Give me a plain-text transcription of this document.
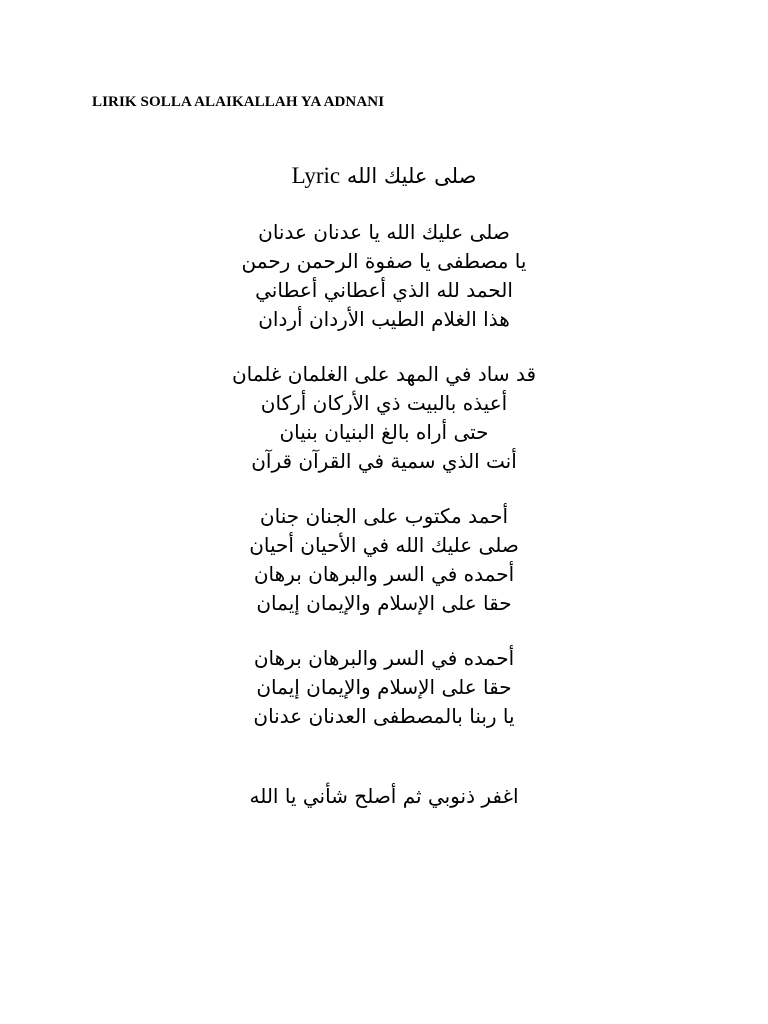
LIRIK SOLLA ALAIKALLAH YA ADNANI
صلى عليك الله Lyric
صلى عليك الله يا عدنان عدنان
يا مصطفى يا صفوة الرحمن رحمن
الحمد لله الذي أعطاني أعطاني
هذا الغلام الطيب الأردان أردان
قد ساد في المهد على الغلمان غلمان
أعيذه بالبيت ذي الأركان أركان
حتى أراه بالغ البنيان بنيان
أنت الذي سمية في القرآن قرآن
أحمد مكتوب على الجنان جنان
صلى عليك الله في الأحيان أحيان
أحمده في السر والبرهان برهان
حقا على الإسلام والإيمان إيمان
أحمده في السر والبرهان برهان
حقا على الإسلام والإيمان إيمان
يا ربنا بالمصطفى العدنان عدنان
اغفر ذنوبي ثم أصلح شأني يا الله
